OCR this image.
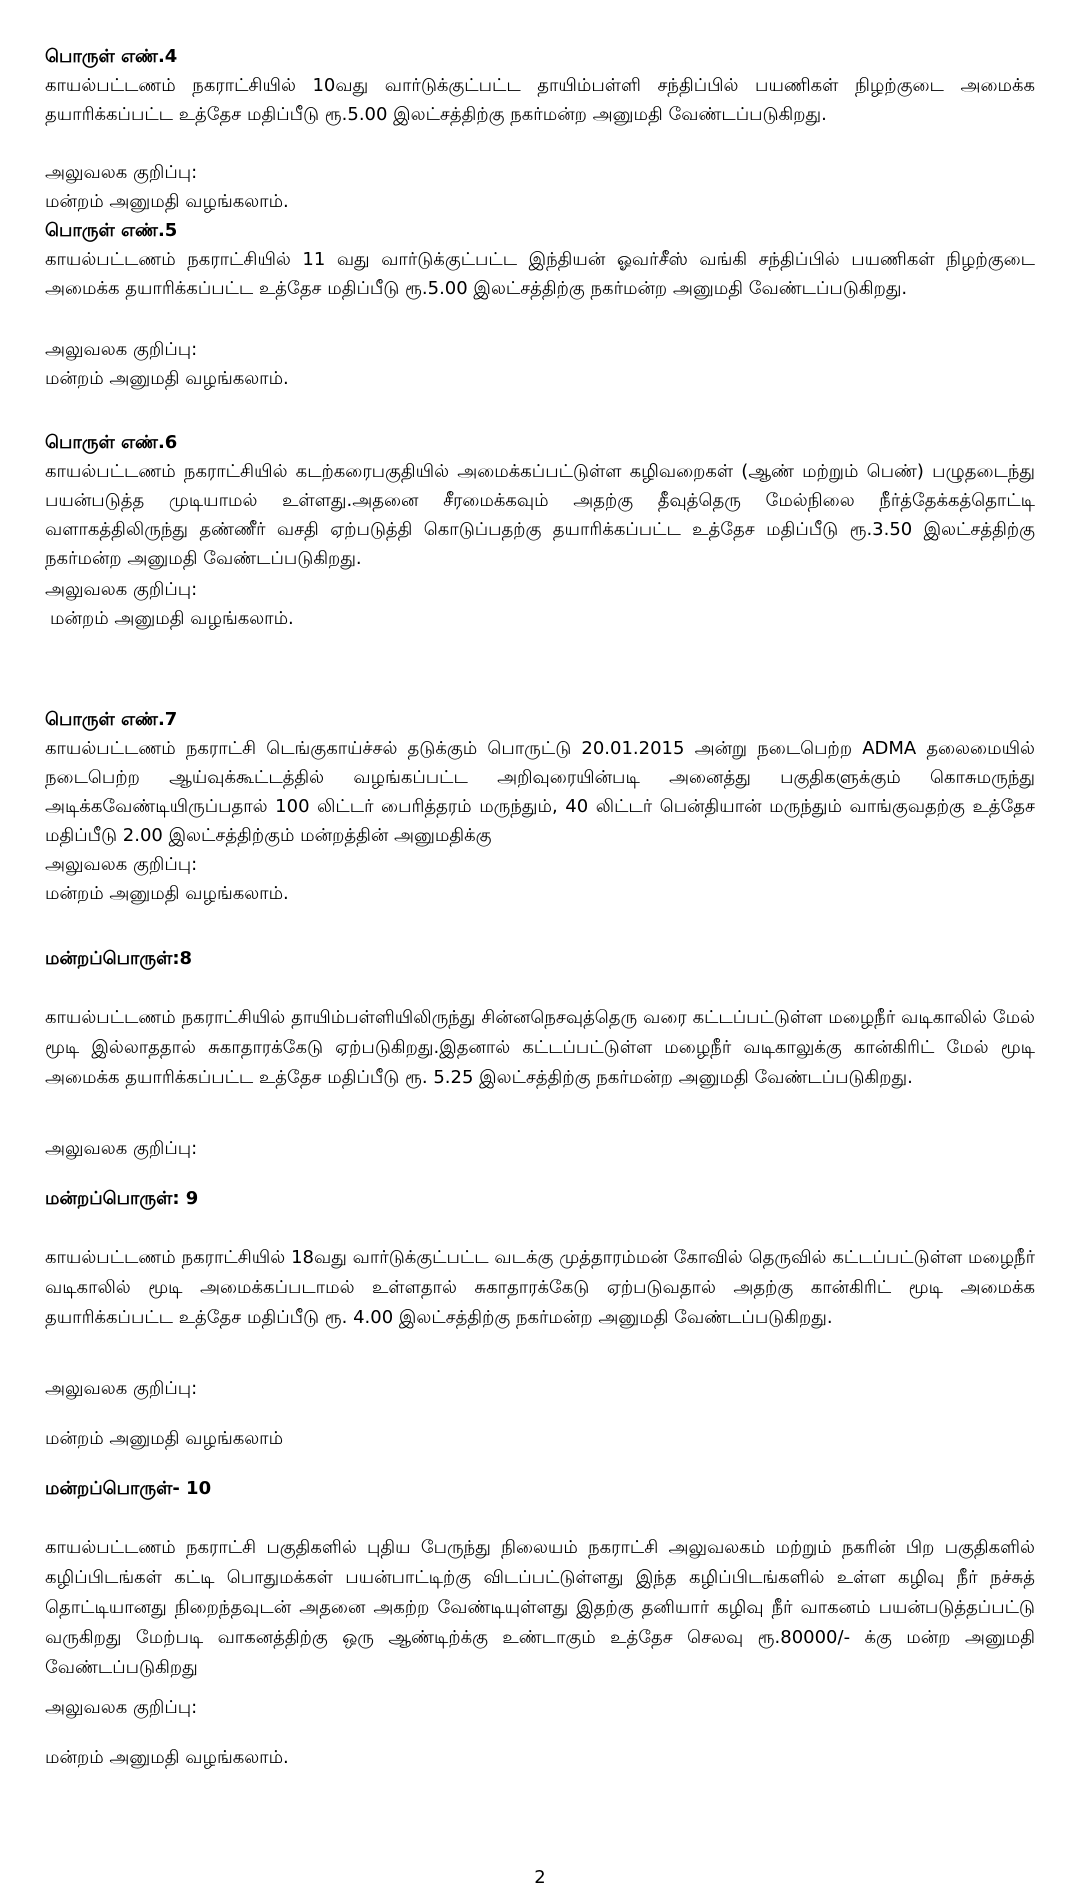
பொருள் எண்.4
காயல்பட்டணம் நகராட்சியில் 10வது வார்டுக்குட்பட்ட தாயிம்பள்ளி சந்திப்பில் பயணிகள் நிழற்குடை அமைக்க தயாரிக்கப்பட்ட உத்தேச மதிப்பீடு ரூ.5.00 இலட்சத்திற்கு நகர்மன்ற அனுமதி வேண்டப்படுகிறது.
அலுவலக குறிப்பு:
மன்றம் அனுமதி வழங்கலாம்.
பொருள் எண்.5
காயல்பட்டணம் நகராட்சியில் 11 வது வார்டுக்குட்பட்ட இந்தியன் ஓவர்சீஸ் வங்கி சந்திப்பில் பயணிகள் நிழற்குடை அமைக்க தயாரிக்கப்பட்ட உத்தேச மதிப்பீடு ரூ.5.00 இலட்சத்திற்கு நகர்மன்ற அனுமதி வேண்டப்படுகிறது.
அலுவலக குறிப்பு:
மன்றம் அனுமதி வழங்கலாம்.
பொருள் எண்.6
காயல்பட்டணம் நகராட்சியில் கடற்கரைபகுதியில் அமைக்கப்பட்டுள்ள கழிவறைகள் (ஆண் மற்றும் பெண்) பழுதடைந்து பயன்படுத்த முடியாமல் உள்ளது.அதனை சீரமைக்கவும் அதற்கு தீவுத்தெரு மேல்நிலை நீர்த்தேக்கத்தொட்டி வளாகத்திலிருந்து தண்ணீர் வசதி ஏற்படுத்தி கொடுப்பதற்கு தயாரிக்கப்பட்ட உத்தேச மதிப்பீடு ரூ.3.50 இலட்சத்திற்கு நகர்மன்ற அனுமதி வேண்டப்படுகிறது.
அலுவலக குறிப்பு:
மன்றம் அனுமதி வழங்கலாம்.
பொருள் எண்.7
காயல்பட்டணம் நகராட்சி டெங்குகாய்ச்சல் தடுக்கும் பொருட்டு 20.01.2015 அன்று நடைபெற்ற ADMA தலைமையில் நடைபெற்ற ஆய்வுக்கூட்டத்தில் வழங்கப்பட்ட அறிவுரையின்படி அனைத்து பகுதிகளுக்கும் கொசுமருந்து அடிக்கவேண்டியிருப்பதால் 100 லிட்டர் பைரித்தரம் மருந்தும், 40 லிட்டர் பென்தியான் மருந்தும் வாங்குவதற்கு உத்தேச மதிப்பீடு 2.00 இலட்சத்திற்கும் மன்றத்தின் அனுமதிக்கு
அலுவலக குறிப்பு:
மன்றம் அனுமதி வழங்கலாம்.
மன்றப்பொருள்:8
காயல்பட்டணம் நகராட்சியில் தாயிம்பள்ளியிலிருந்து சின்னநெசவுத்தெரு வரை கட்டப்பட்டுள்ள மழைநீர் வடிகாலில் மேல் மூடி இல்லாததால் சுகாதாரக்கேடு ஏற்படுகிறது.இதனால் கட்டப்பட்டுள்ள மழைநீர் வடிகாலுக்கு கான்கிரிட் மேல் மூடி அமைக்க தயாரிக்கப்பட்ட உத்தேச மதிப்பீடு ரூ. 5.25 இலட்சத்திற்கு நகர்மன்ற அனுமதி வேண்டப்படுகிறது.
அலுவலக குறிப்பு:
மன்றப்பொருள்: 9
காயல்பட்டணம் நகராட்சியில் 18வது வார்டுக்குட்பட்ட வடக்கு முத்தாரம்மன் கோவில் தெருவில் கட்டப்பட்டுள்ள மழைநீர் வடிகாலில் மூடி அமைக்கப்படாமல் உள்ளதால் சுகாதாரக்கேடு ஏற்படுவதால் அதற்கு கான்கிரிட் மூடி அமைக்க தயாரிக்கப்பட்ட உத்தேச மதிப்பீடு ரூ. 4.00 இலட்சத்திற்கு நகர்மன்ற அனுமதி வேண்டப்படுகிறது.
அலுவலக குறிப்பு:
மன்றம் அனுமதி வழங்கலாம்
மன்றப்பொருள்- 10
காயல்பட்டணம் நகராட்சி பகுதிகளில் புதிய பேருந்து நிலையம் நகராட்சி அலுவலகம் மற்றும் நகரின் பிற பகுதிகளில் கழிப்பிடங்கள் கட்டி பொதுமக்கள் பயன்பாட்டிற்கு விடப்பட்டுள்ளது இந்த கழிப்பிடங்களில் உள்ள கழிவு நீர் நச்சுத் தொட்டியானது நிறைந்தவுடன் அதனை அகற்ற வேண்டியுள்ளது இதற்கு தனியார் கழிவு நீர் வாகனம் பயன்படுத்தப்பட்டு வருகிறது மேற்படி வாகனத்திற்கு ஒரு ஆண்டிற்க்கு உண்டாகும் உத்தேச செலவு ரூ.80000/- க்கு மன்ற அனுமதி வேண்டப்படுகிறது
அலுவலக குறிப்பு:
மன்றம் அனுமதி வழங்கலாம்.
2
